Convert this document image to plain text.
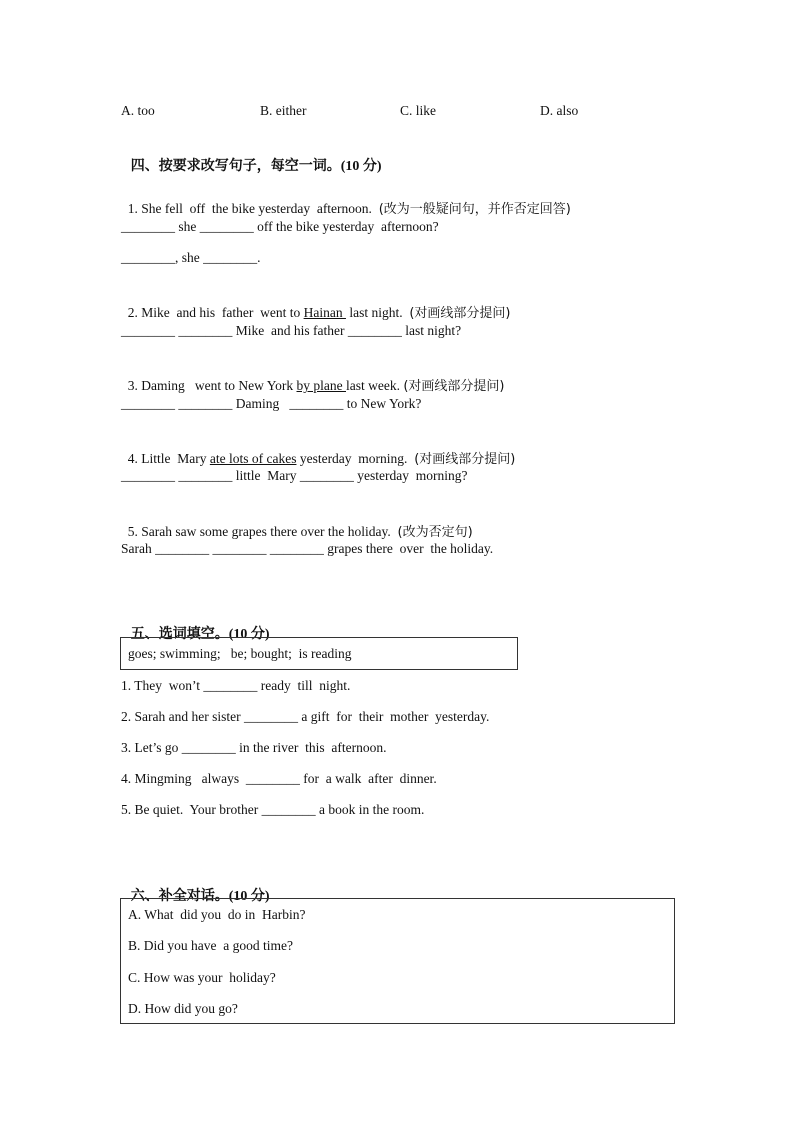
A. too	B. either	C. like	D. also

四、按要求改写句子，每空一词。(10 分)

1. She fell  off  the bike yesterday  afternoon.  (改为一般疑问句，并作否定回答)

________ she ________ off the bike yesterday  afternoon?
________, she ________.

2. Mike  and his  father  went to Hainan  last night.  (对画线部分提问)

________ ________ Mike  and his father ________ last night?

3. Daming   went to New York by plane last week. (对画线部分提问)

________ ________ Daming   ________ to New York?

4. Little  Mary ate lots of cakes yesterday  morning.  (对画线部分提问)

________ ________ little  Mary ________ yesterday  morning?

5. Sarah saw some grapes there over the holiday.  (改为否定句)

Sarah ________ ________ ________ grapes there  over  the holiday.

五、选词填空。(10 分)

goes; swimming;   be; bought;  is reading
1. They  won’t ________ ready  till  night.
2. Sarah and her sister ________ a gift  for  their  mother  yesterday.
3. Let’s go ________ in the river  this  afternoon.
4. Mingming   always  ________ for  a walk  after  dinner.
5. Be quiet.  Your brother ________ a book in the room.

六、补全对话。(10 分)

A. What  did you  do in  Harbin?
B. Did you have  a good time?
C. How was your  holiday?
D. How did you go?
